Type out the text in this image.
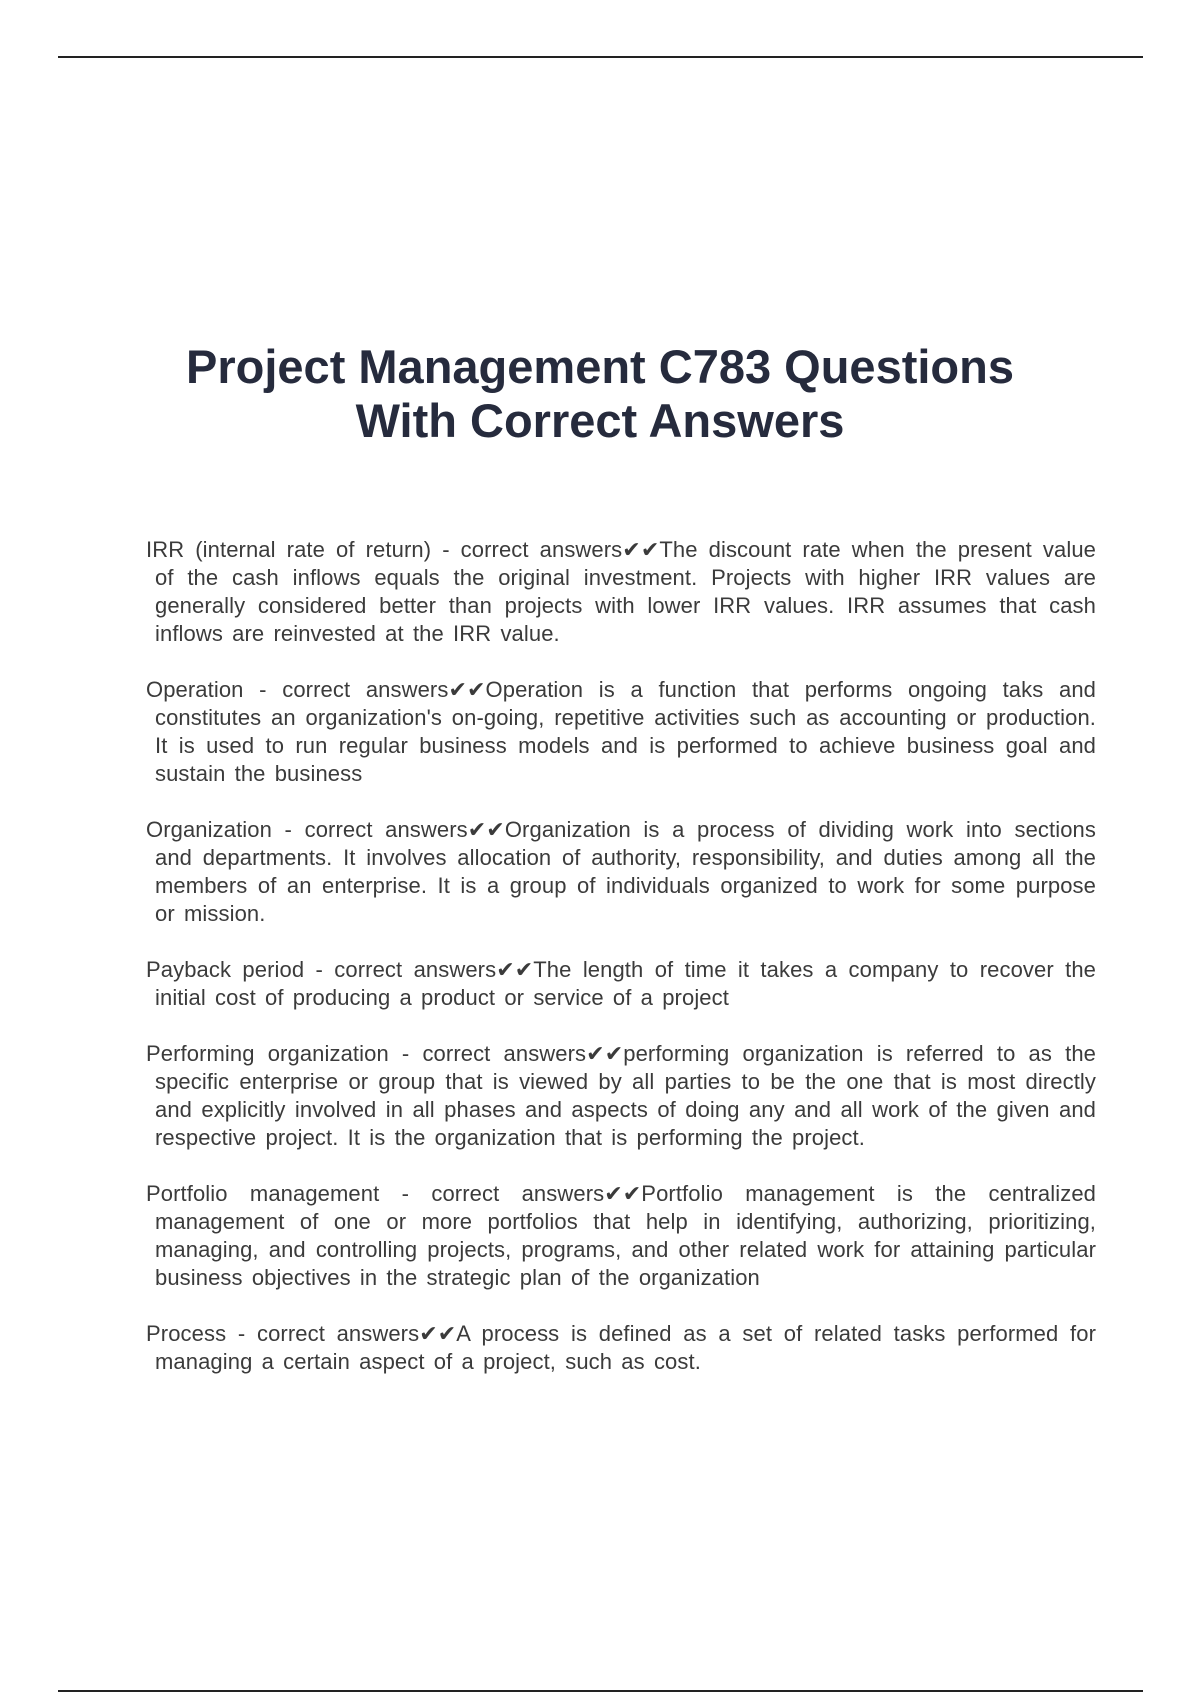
Project Management C783 Questions
With Correct Answers

IRR (internal rate of return) - correct answers✔✔The discount rate when the present value of the cash inflows equals the original investment. Projects with higher IRR values are generally considered better than projects with lower IRR values. IRR assumes that cash inflows are reinvested at the IRR value.

Operation - correct answers✔✔Operation is a function that performs ongoing taks and constitutes an organization's on-going, repetitive activities such as accounting or production. It is used to run regular business models and is performed to achieve business goal and sustain the business

Organization - correct answers✔✔Organization is a process of dividing work into sections and departments. It involves allocation of authority, responsibility, and duties among all the members of an enterprise. It is a group of individuals organized to work for some purpose or mission.

Payback period - correct answers✔✔The length of time it takes a company to recover the initial cost of producing a product or service of a project

Performing organization - correct answers✔✔performing organization is referred to as the specific enterprise or group that is viewed by all parties to be the one that is most directly and explicitly involved in all phases and aspects of doing any and all work of the given and respective project. It is the organization that is performing the project.

Portfolio management - correct answers✔✔Portfolio management is the centralized management of one or more portfolios that help in identifying, authorizing, prioritizing, managing, and controlling projects, programs, and other related work for attaining particular business objectives in the strategic plan of the organization

Process - correct answers✔✔A process is defined as a set of related tasks performed for managing a certain aspect of a project, such as cost.
